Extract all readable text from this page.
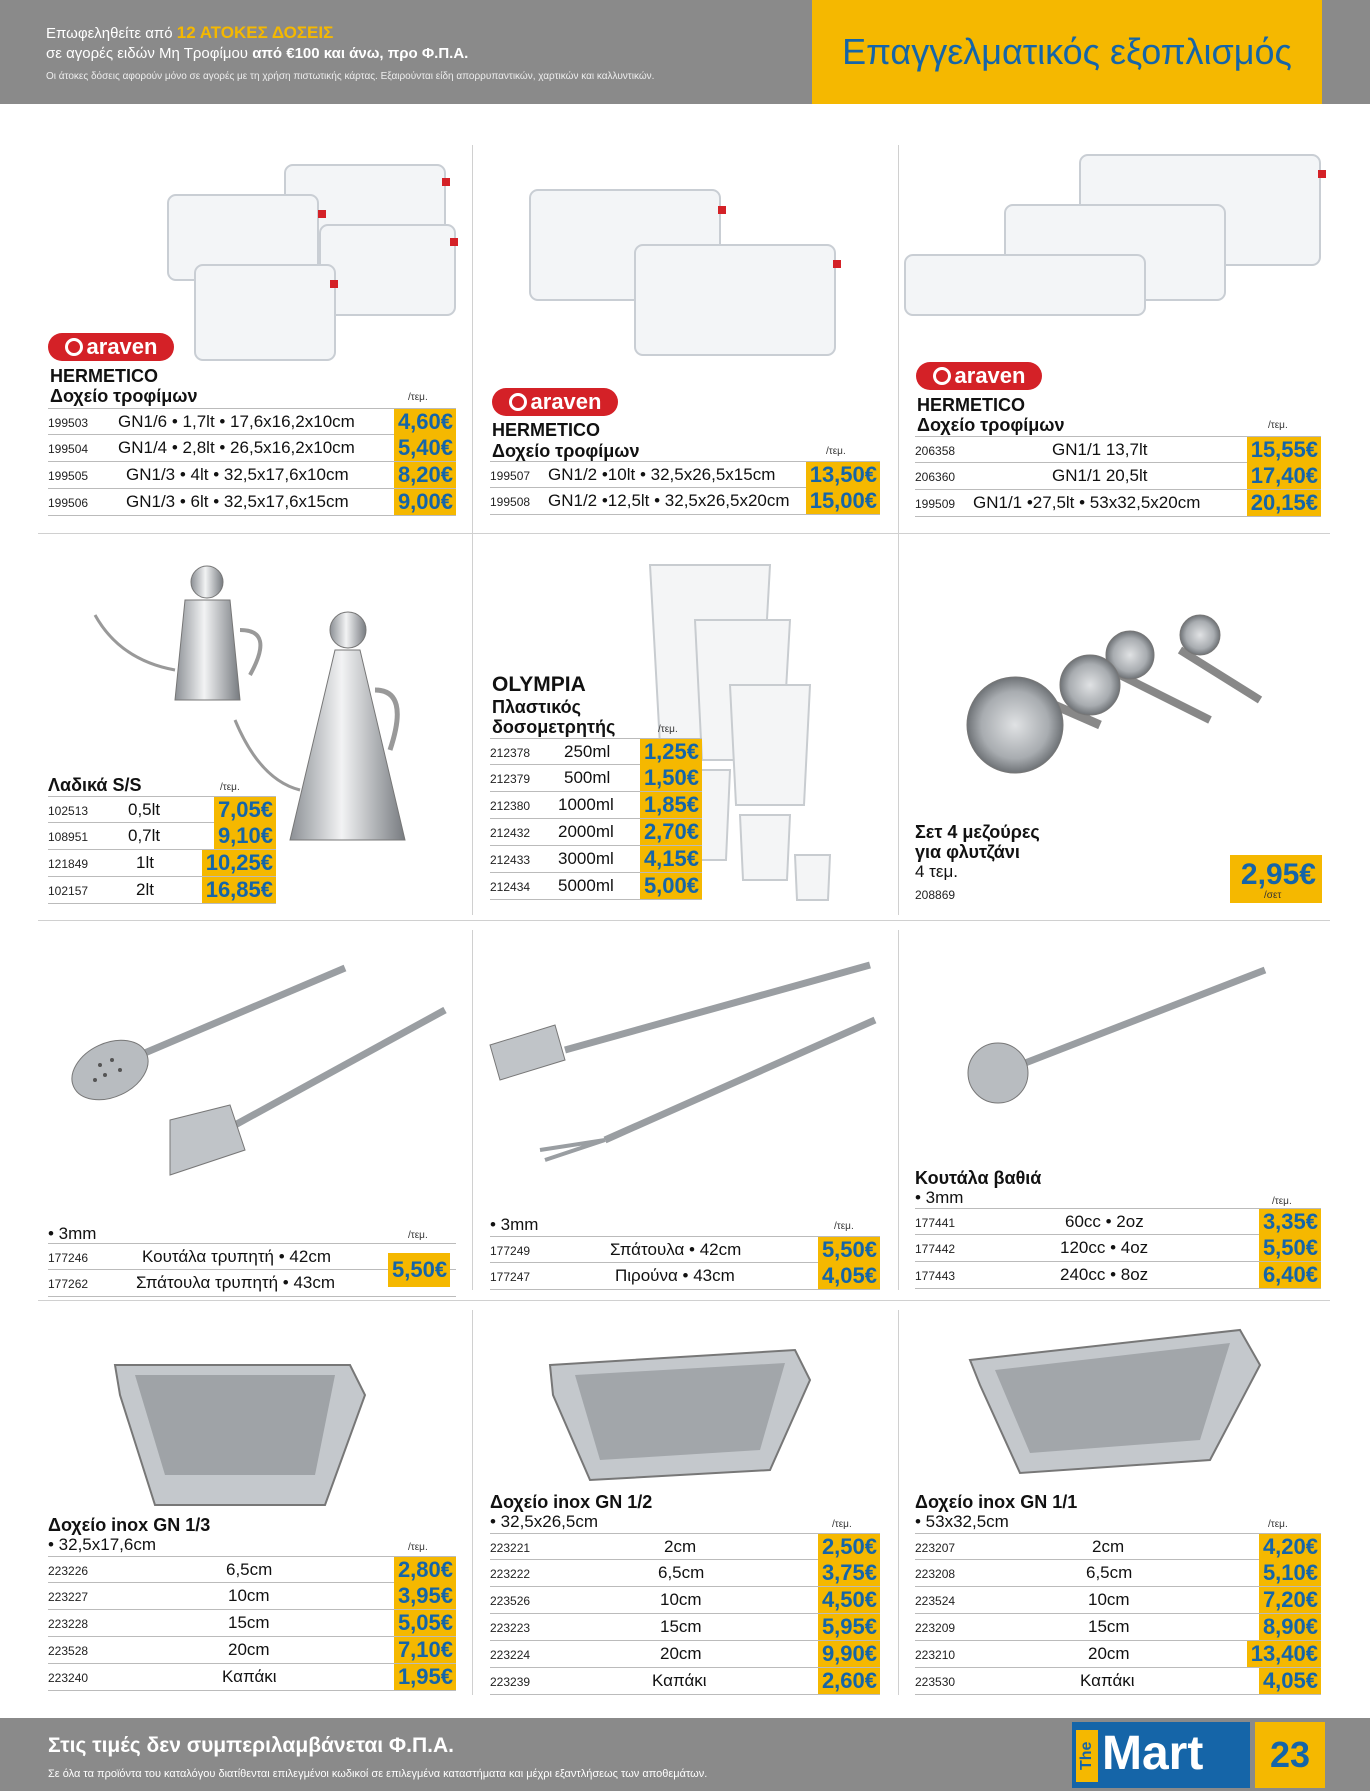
Επωφεληθείτε από 12 ΑΤΟΚΕΣ ΔΟΣΕΙΣ
σε αγορές ειδών Μη Τροφίμου από €100 και άνω, προ Φ.Π.Α.
Οι άτοκες δόσεις αφορούν μόνο σε αγορές με τη χρήση πιστωτικής κάρτας. Εξαιρούνται είδη απορρυπαντικών, χαρτικών και καλλυντικών.
Επαγγελματικός εξοπλισμός
araven
HERMETICO
Δοχείο τροφίμων	/τεμ.
199503 GN1/6 • 1,7lt • 17,6x16,2x10cm 4,60€
199504 GN1/4 • 2,8lt • 26,5x16,2x10cm 5,40€
199505 GN1/3 • 4lt • 32,5x17,6x10cm 8,20€
199506 GN1/3 • 6lt • 32,5x17,6x15cm 9,00€
araven
HERMETICO
Δοχείο τροφίμων	/τεμ.
199507 GN1/2 •10lt • 32,5x26,5x15cm 13,50€
199508 GN1/2 •12,5lt • 32,5x26,5x20cm 15,00€
araven
HERMETICO
Δοχείο τροφίμων	/τεμ.
206358	GN1/1 13,7lt	15,55€
206360	GN1/1 20,5lt	17,40€
199509 GN1/1 •27,5lt • 53x32,5x20cm 20,15€
Λαδικά S/S	/τεμ.
102513 0,5lt	7,05€
108951 0,7lt	9,10€
121849	1lt 10,25€
102157	2lt 16,85€
OLYMPIA
Πλαστικός
δοσομετρητής	/τεμ.
212378 250ml 1,25€
212379 500ml 1,50€
212380 1000ml 1,85€
212432 2000ml 2,70€
212433 3000ml 4,15€
212434 5000ml 5,00€
Σετ 4 μεζούρες
για φλυτζάνι
4 τεμ.
208869
2,95€
/σετ
• 3mm	/τεμ.
177246	Κουτάλα τρυπητή • 42cm
177262	Σπάτουλα τρυπητή • 43cm
5,50€
• 3mm	/τεμ.
177249	Σπάτουλα • 42cm	5,50€
177247	Πιρούνα • 43cm	4,05€
Κουτάλα βαθιά
• 3mm	/τεμ.
177441	60cc • 2oz	3,35€
177442	120cc • 4oz	5,50€
177443	240cc • 8oz	6,40€
Δοχείο inox GN 1/3
• 32,5x17,6cm	/τεμ.
223226	6,5cm	2,80€
223227	10cm	3,95€
223228	15cm	5,05€
223528	20cm	7,10€
223240	Καπάκι	1,95€
Δοχείο inox GN 1/2
• 32,5x26,5cm	/τεμ.
223221	2cm	2,50€
223222	6,5cm	3,75€
223526	10cm	4,50€
223223	15cm	5,95€
223224	20cm	9,90€
223239	Καπάκι	2,60€
Δοχείο inox GN 1/1
• 53x32,5cm	/τεμ.
223207	2cm	4,20€
223208	6,5cm	5,10€
223524	10cm	7,20€
223209	15cm	8,90€
223210	20cm	13,40€
223530	Καπάκι	4,05€
Στις τιμές δεν συμπεριλαμβάνεται Φ.Π.Α.
Σε όλα τα προϊόντα του καταλόγου διατίθενται επιλεγμένοι κωδικοί σε επιλεγμένα καταστήματα και μέχρι εξαντλήσεως των αποθεμάτων.
The Mart	23
